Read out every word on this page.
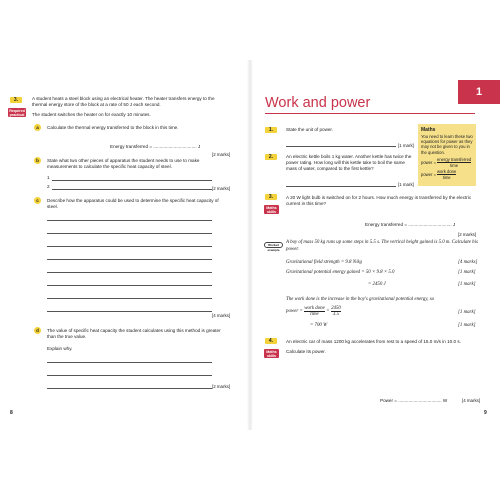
3.
Required practical
A student heats a steel block using an electrical heater. The heater transfers energy to the thermal energy store of the block at a rate of 50 J each second.
The student switches the heater on for exactly 10 minutes.
a	Calculate the thermal energy transferred to the block in this time.
Energy transferred = .................................. J
[2 marks]
b	State what two other pieces of apparatus the student needs to use to make measurements to calculate the specific heat capacity of steel.
1
2	[2 marks]
c	Describe how the apparatus could be used to determine the specific heat capacity of steel.
[4 marks]
d	The value of specific heat capacity the student calculates using this method is greater than the true value.
Explain why.
[2 marks]
8
Work and power
1
1.	State the unit of power.
[1 mark]
Maths
You need to learn these two equations for power as they may not be given to you in the question.
power =
energy transferred
time
power =
work done
time
2.	An electric kettle boils 1 kg water. Another kettle has twice the power rating. How long will this kettle take to boil the same mass of water, compared to the first kettle?
[1 mark]
3.
Maths skills
A 20 W light bulb is switched on for 2 hours. How much energy is transferred by the electric current in this time?
Energy transferred = .................................. J
[2 marks]
Worked example
A boy of mass 50 kg runs up some steps in 5.5 s. The vertical height gained is 5.0 m. Calculate his power.
Gravitational field strength = 9.8 N/kg	[4 marks]
Gravitational potential energy gained = 50 × 9.8 × 5.0	[1 mark]
= 2450 J	[1 mark]
The work done is the increase in the boy's gravitational potential energy, so
power =
work done
time
= $\frac{2450}{3.5}$	[1 mark]
= 700 W	[1 mark]
4.
Maths skills
An electric car of mass 1200 kg accelerates from rest to a speed of 15.0 m/s in 10.0 s.
Calculate its power.
Power = .................................. W	[4 marks]
9
